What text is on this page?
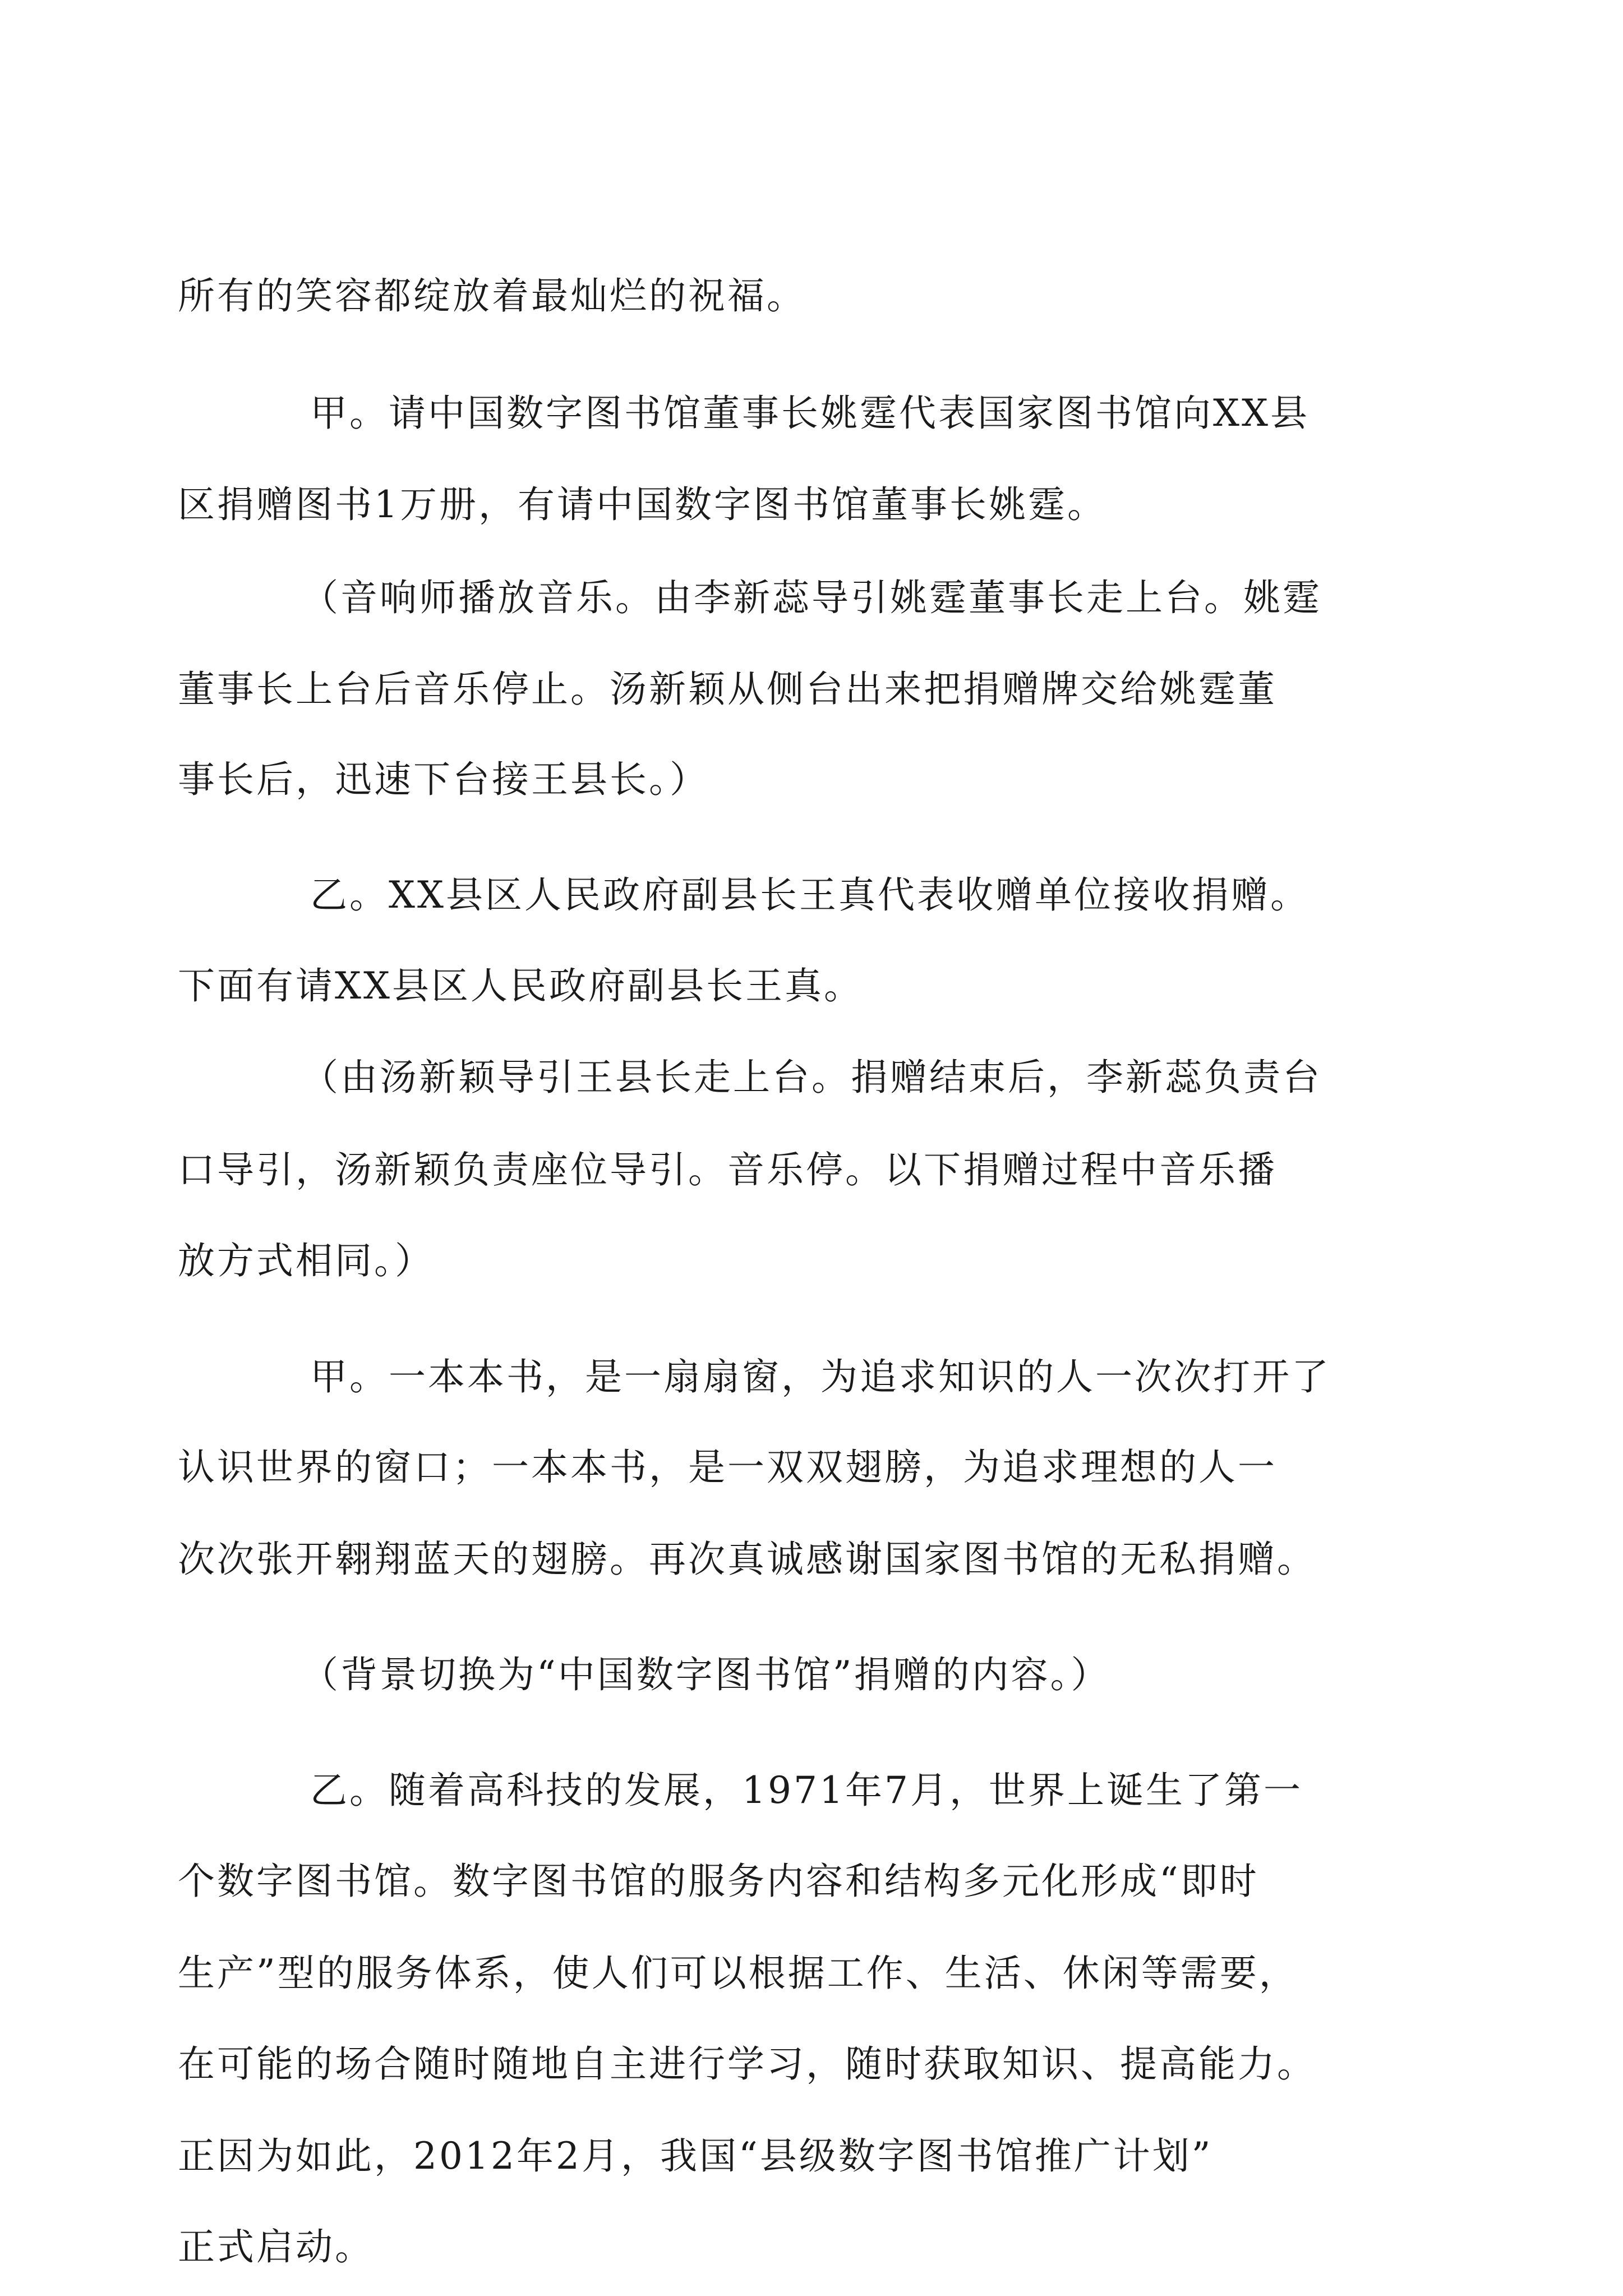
所有的笑容都绽放着最灿烂的祝福。
甲。请中国数字图书馆董事长姚霆代表国家图书馆向XX县
区捐赠图书1万册，有请中国数字图书馆董事长姚霆。
（音响师播放音乐。由李新蕊导引姚霆董事长走上台。姚霆
董事长上台后音乐停止。汤新颖从侧台出来把捐赠牌交给姚霆董
事长后，迅速下台接王县长。）
乙。XX县区人民政府副县长王真代表收赠单位接收捐赠。
下面有请XX县区人民政府副县长王真。
（由汤新颖导引王县长走上台。捐赠结束后，李新蕊负责台
口导引，汤新颖负责座位导引。音乐停。以下捐赠过程中音乐播
放方式相同。）
甲。一本本书，是一扇扇窗，为追求知识的人一次次打开了
认识世界的窗口；一本本书，是一双双翅膀，为追求理想的人一
次次张开翱翔蓝天的翅膀。再次真诚感谢国家图书馆的无私捐赠。
（背景切换为“中国数字图书馆”捐赠的内容。）
乙。随着高科技的发展，1971年7月，世界上诞生了第一
个数字图书馆。数字图书馆的服务内容和结构多元化形成“即时
生产”型的服务体系，使人们可以根据工作、生活、休闲等需要，
在可能的场合随时随地自主进行学习，随时获取知识、提高能力。
正因为如此，2012年2月，我国“县级数字图书馆推广计划”
正式启动。
